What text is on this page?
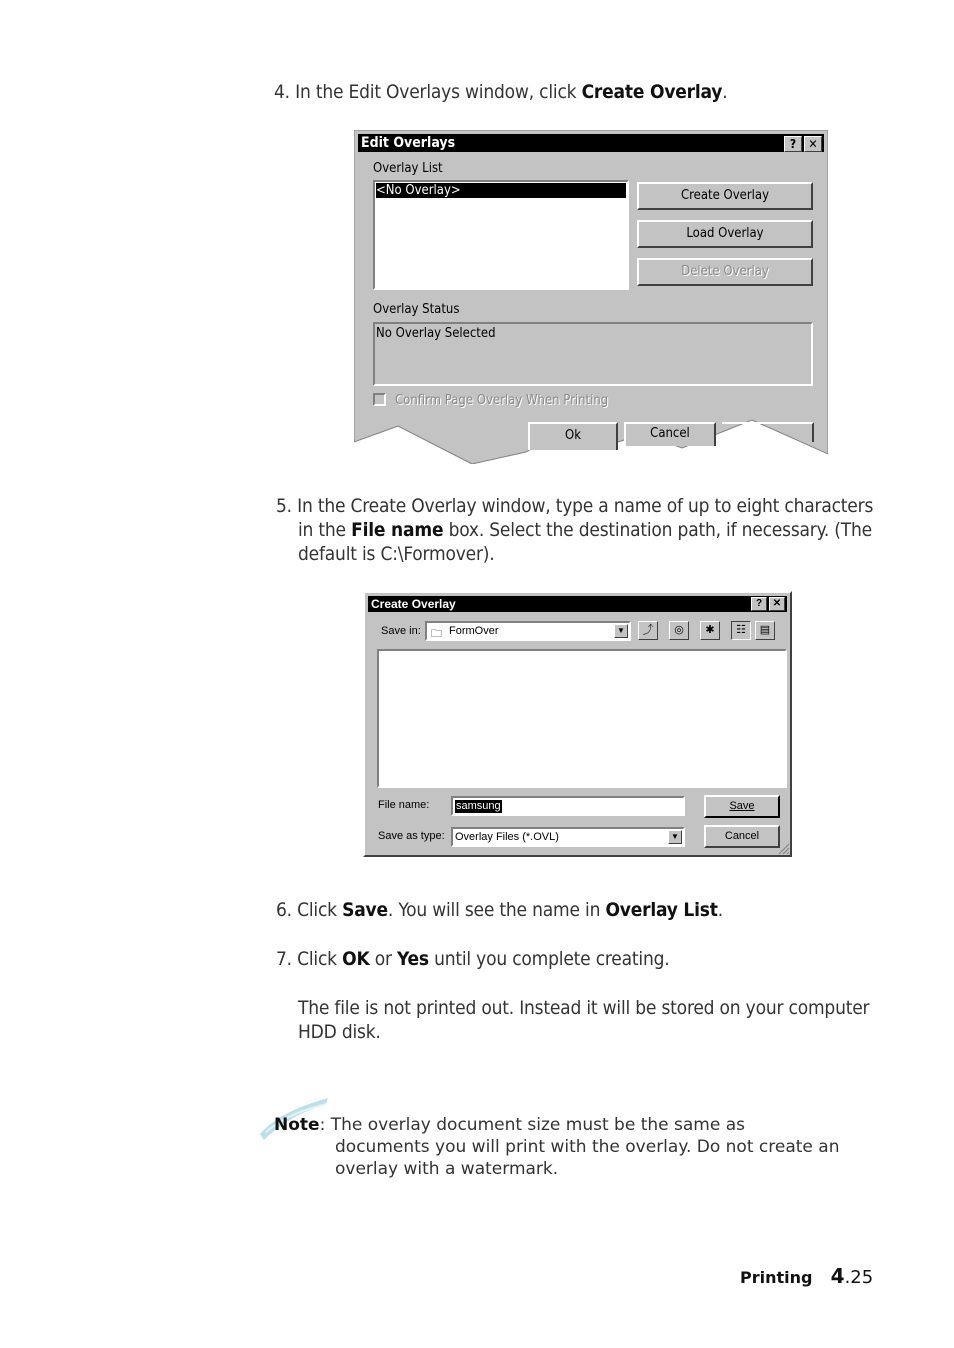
4. In the Edit Overlays window, click Create Overlay.
Edit Overlays	?	✕
Overlay List
<No Overlay>	Create Overlay
Load Overlay
Delete Overlay
Overlay Status
No Overlay Selected
Confirm Page Overlay When Printing
Ok	Cancel
5. In the Create Overlay window, type a name of up to eight characters
in the File name box. Select the destination path, if necessary. (The
default is C:\Formover).
Create Overlay	?	✕
Save in: 🗀 FormOver	▼	⤴	◎	✱	☷	▤
File name: samsung	Save
Save as type: Overlay Files (*.OVL)	▼	Cancel
6. Click Save. You will see the name in Overlay List.
7. Click OK or Yes until you complete creating.
The file is not printed out. Instead it will be stored on your computer
HDD disk.
Note: The overlay document size must be the same as
documents you will print with the overlay. Do not create an
overlay with a watermark.
Printing 4.25
